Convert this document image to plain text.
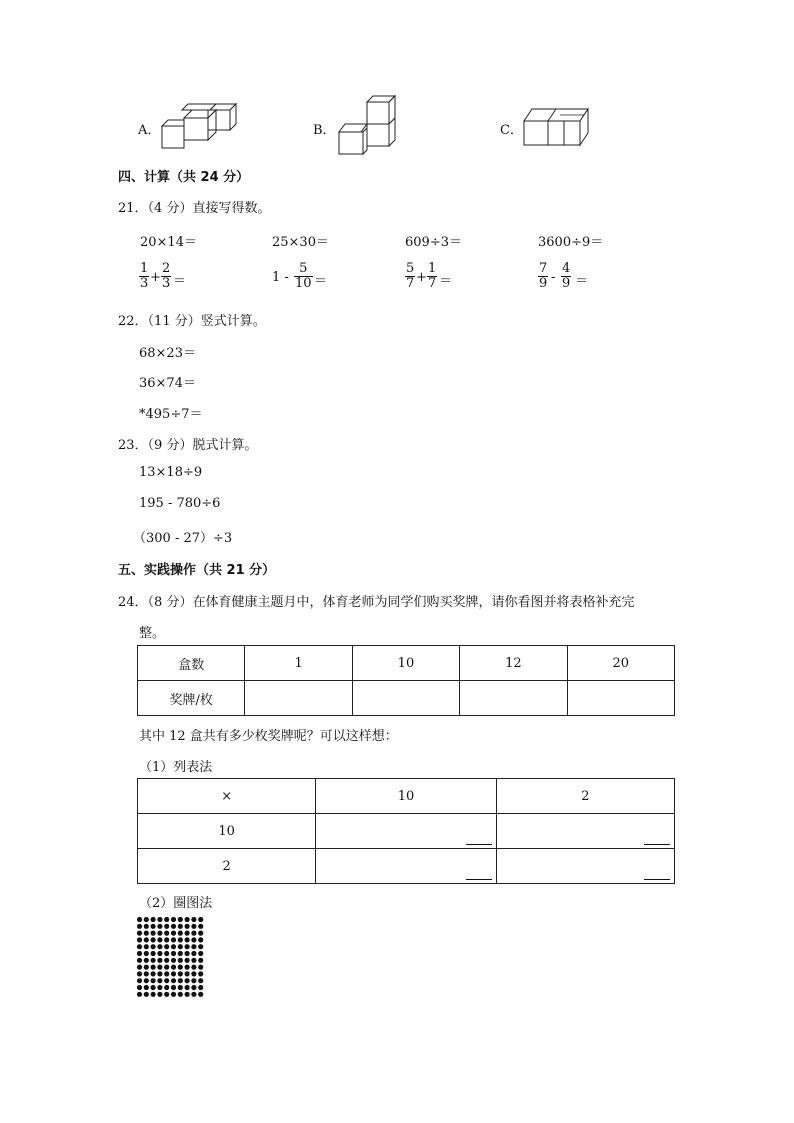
A．	B．	C．
四、计算（共 24 分）
21．（4 分）直接写得数。
20×14＝	25×30＝	609÷3＝	3600÷9＝
$\frac{1}{3} + \frac{2}{3}$ ＝	$1 - \frac{5}{10}$ ＝	$\frac{5}{7} + \frac{1}{7}$ ＝	$\frac{7}{9} - \frac{4}{9}$ ＝
22．（11 分）竖式计算。
68×23＝
36×74＝
*495÷7＝
23．（9 分）脱式计算。
13×18÷9
195 - 780÷6
（300 - 27）÷3
五、实践操作（共 21 分）
24．（8 分）在体育健康主题月中，体育老师为同学们购买奖牌，请你看图并将表格补充完
整。
盒数	1	10	12	20
奖牌/枚				
其中 12 盒共有多少枚奖牌呢？可以这样想：
（1）列表法
×	10	2
10	

2	

（2）圈图法
